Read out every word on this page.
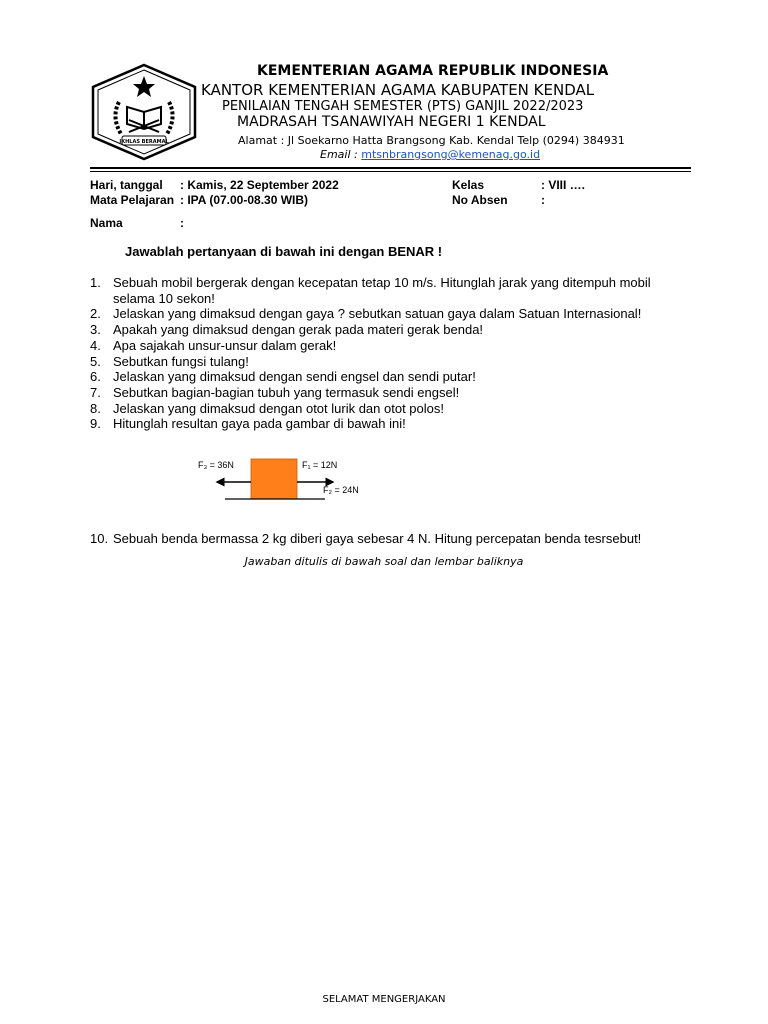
IKHLAS BERAMAL
KEMENTERIAN AGAMA REPUBLIK INDONESIA
KANTOR KEMENTERIAN AGAMA KABUPATEN KENDAL
PENILAIAN TENGAH SEMESTER (PTS) GANJIL 2022/2023
MADRASAH TSANAWIYAH NEGERI 1 KENDAL
Alamat : Jl Soekarno Hatta Brangsong Kab. Kendal Telp (0294) 384931
Email : mtsnbrangsong@kemenag.go.id
Hari, tanggal : Kamis, 22 September 2022	Kelas	: VIII ….
Mata Pelajaran : IPA (07.00-08.30 WIB)	No Absen	:
Nama	:
Jawablah pertanyaan di bawah ini dengan BENAR !
1. Sebuah mobil bergerak dengan kecepatan tetap 10 m/s. Hitunglah jarak yang ditempuh mobil selama 10 sekon!
2. Jelaskan yang dimaksud dengan gaya ? sebutkan satuan gaya dalam Satuan Internasional!
3. Apakah yang dimaksud dengan gerak pada materi gerak benda!
4. Apa sajakah unsur-unsur dalam gerak!
5. Sebutkan fungsi tulang!
6. Jelaskan yang dimaksud dengan sendi engsel dan sendi putar!
7. Sebutkan bagian-bagian tubuh yang termasuk sendi engsel!
8. Jelaskan yang dimaksud dengan otot lurik dan otot polos!
9. Hitunglah resultan gaya pada gambar di bawah ini!
F₃ = 36N	F₁ = 12N
F₂ = 24N
10. Sebuah benda bermassa 2 kg diberi gaya sebesar 4 N. Hitung percepatan benda tesrsebut!
Jawaban ditulis di bawah soal dan lembar baliknya
SELAMAT MENGERJAKAN
